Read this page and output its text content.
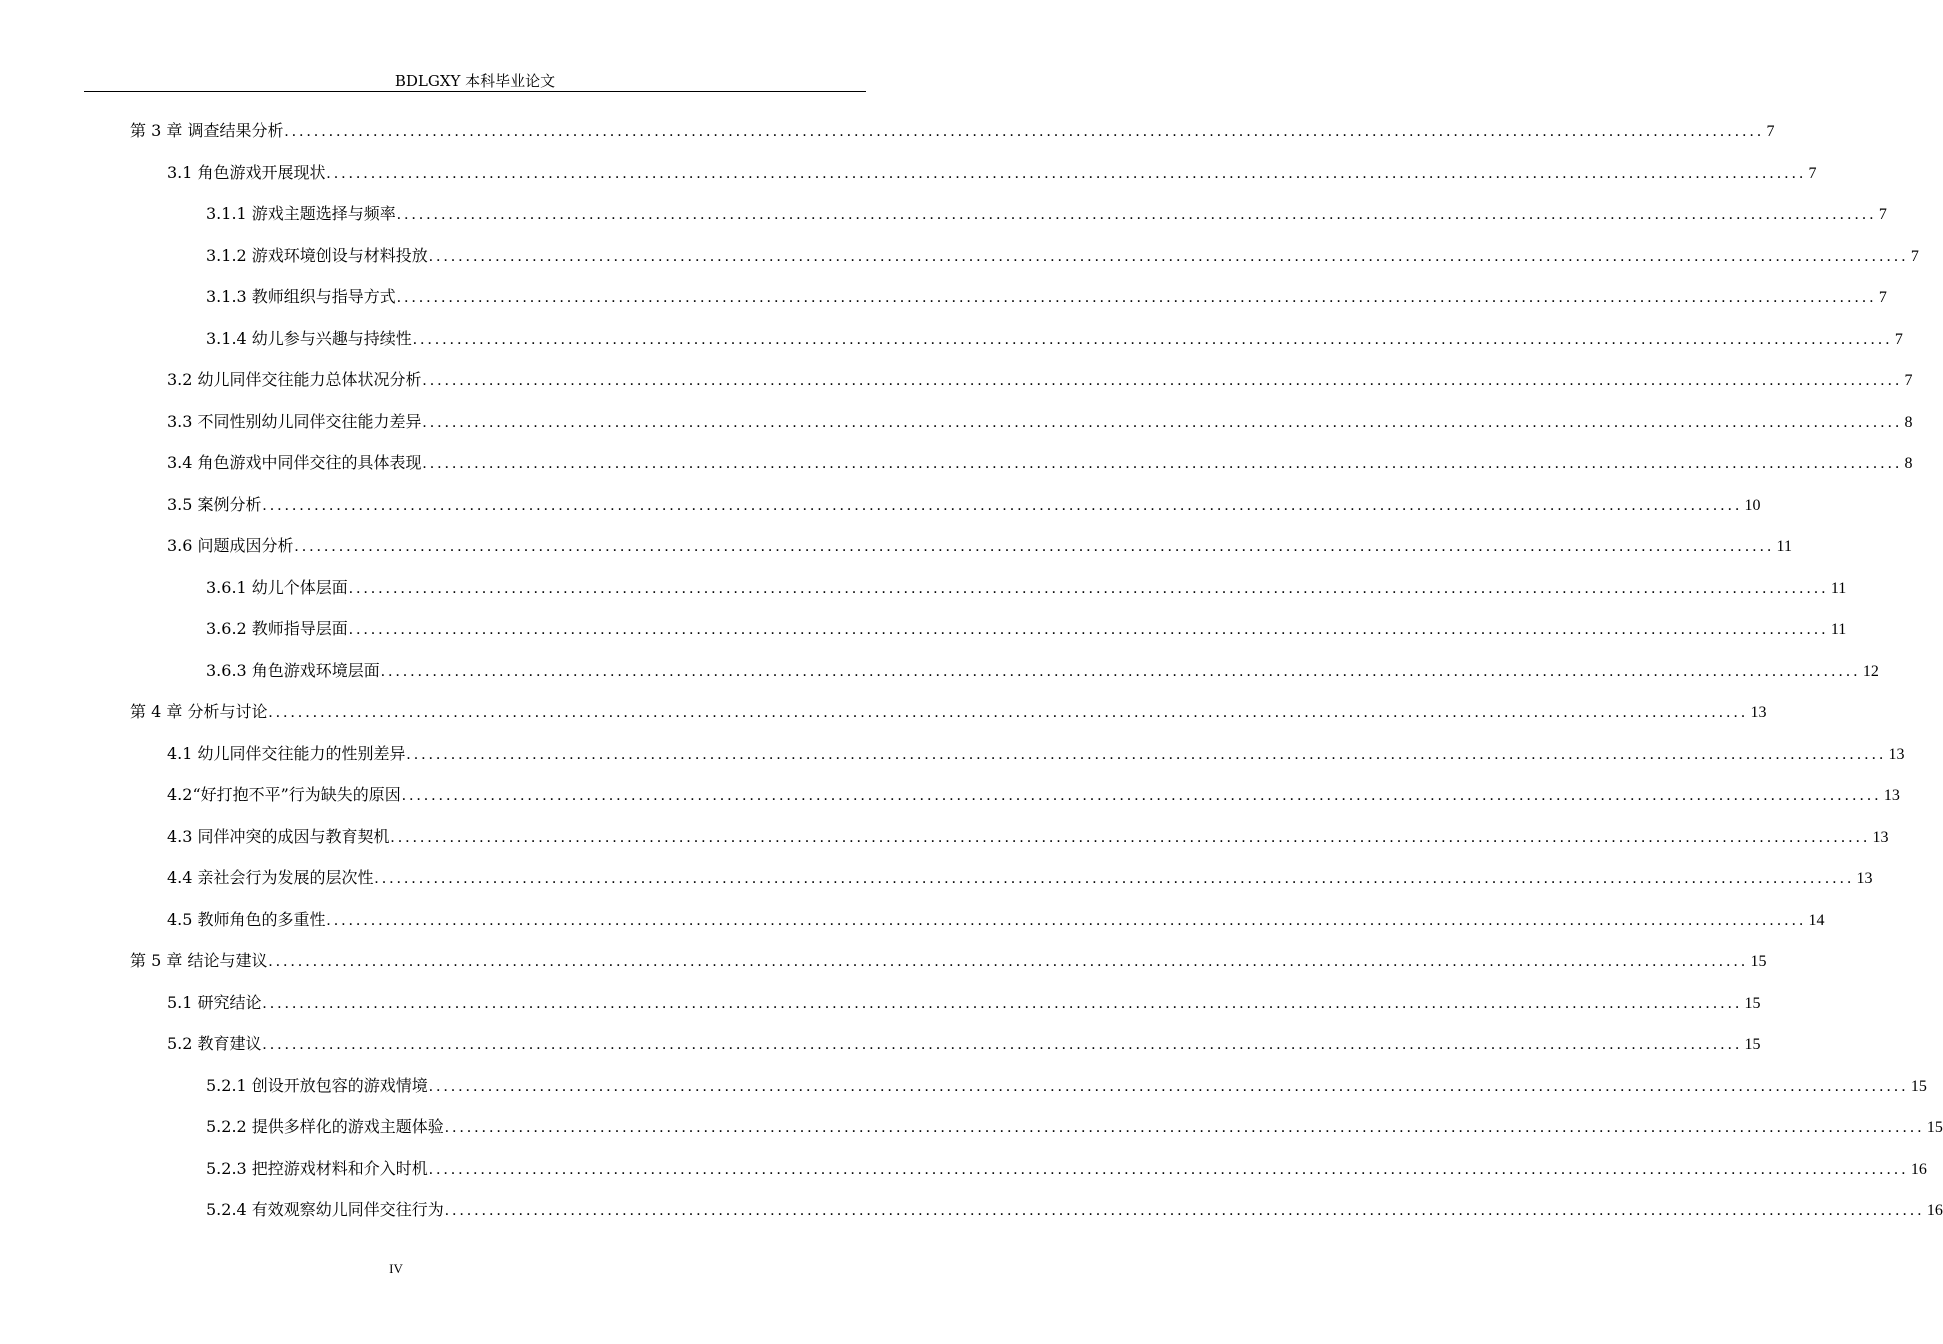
BDLGXY 本科毕业论文
第 3 章 调查结果分析 ........................................................................................................................................................................................................ 7
3.1 角色游戏开展现状 ........................................................................................................................................................................................................ 7
3.1.1 游戏主题选择与频率 ........................................................................................................................................................................................................ 7
3.1.2 游戏环境创设与材料投放 ........................................................................................................................................................................................................ 7
3.1.3 教师组织与指导方式 ........................................................................................................................................................................................................ 7
3.1.4 幼儿参与兴趣与持续性 ........................................................................................................................................................................................................ 7
3.2 幼儿同伴交往能力总体状况分析 ........................................................................................................................................................................................................ 7
3.3 不同性别幼儿同伴交往能力差异 ........................................................................................................................................................................................................ 8
3.4 角色游戏中同伴交往的具体表现 ........................................................................................................................................................................................................ 8
3.5 案例分析 ........................................................................................................................................................................................................ 10
3.6 问题成因分析 ........................................................................................................................................................................................................ 11
3.6.1 幼儿个体层面 ........................................................................................................................................................................................................ 11
3.6.2 教师指导层面 ........................................................................................................................................................................................................ 11
3.6.3 角色游戏环境层面 ........................................................................................................................................................................................................ 12
第 4 章 分析与讨论 ........................................................................................................................................................................................................ 13
4.1 幼儿同伴交往能力的性别差异 ........................................................................................................................................................................................................ 13
4.2“好打抱不平”行为缺失的原因 ........................................................................................................................................................................................................ 13
4.3 同伴冲突的成因与教育契机 ........................................................................................................................................................................................................ 13
4.4 亲社会行为发展的层次性 ........................................................................................................................................................................................................ 13
4.5 教师角色的多重性 ........................................................................................................................................................................................................ 14
第 5 章 结论与建议 ........................................................................................................................................................................................................ 15
5.1 研究结论 ........................................................................................................................................................................................................ 15
5.2 教育建议 ........................................................................................................................................................................................................ 15
5.2.1 创设开放包容的游戏情境 ........................................................................................................................................................................................................ 15
5.2.2 提供多样化的游戏主题体验 ........................................................................................................................................................................................................ 15
5.2.3 把控游戏材料和介入时机 ........................................................................................................................................................................................................ 16
5.2.4 有效观察幼儿同伴交往行为 ........................................................................................................................................................................................................ 16
IV
